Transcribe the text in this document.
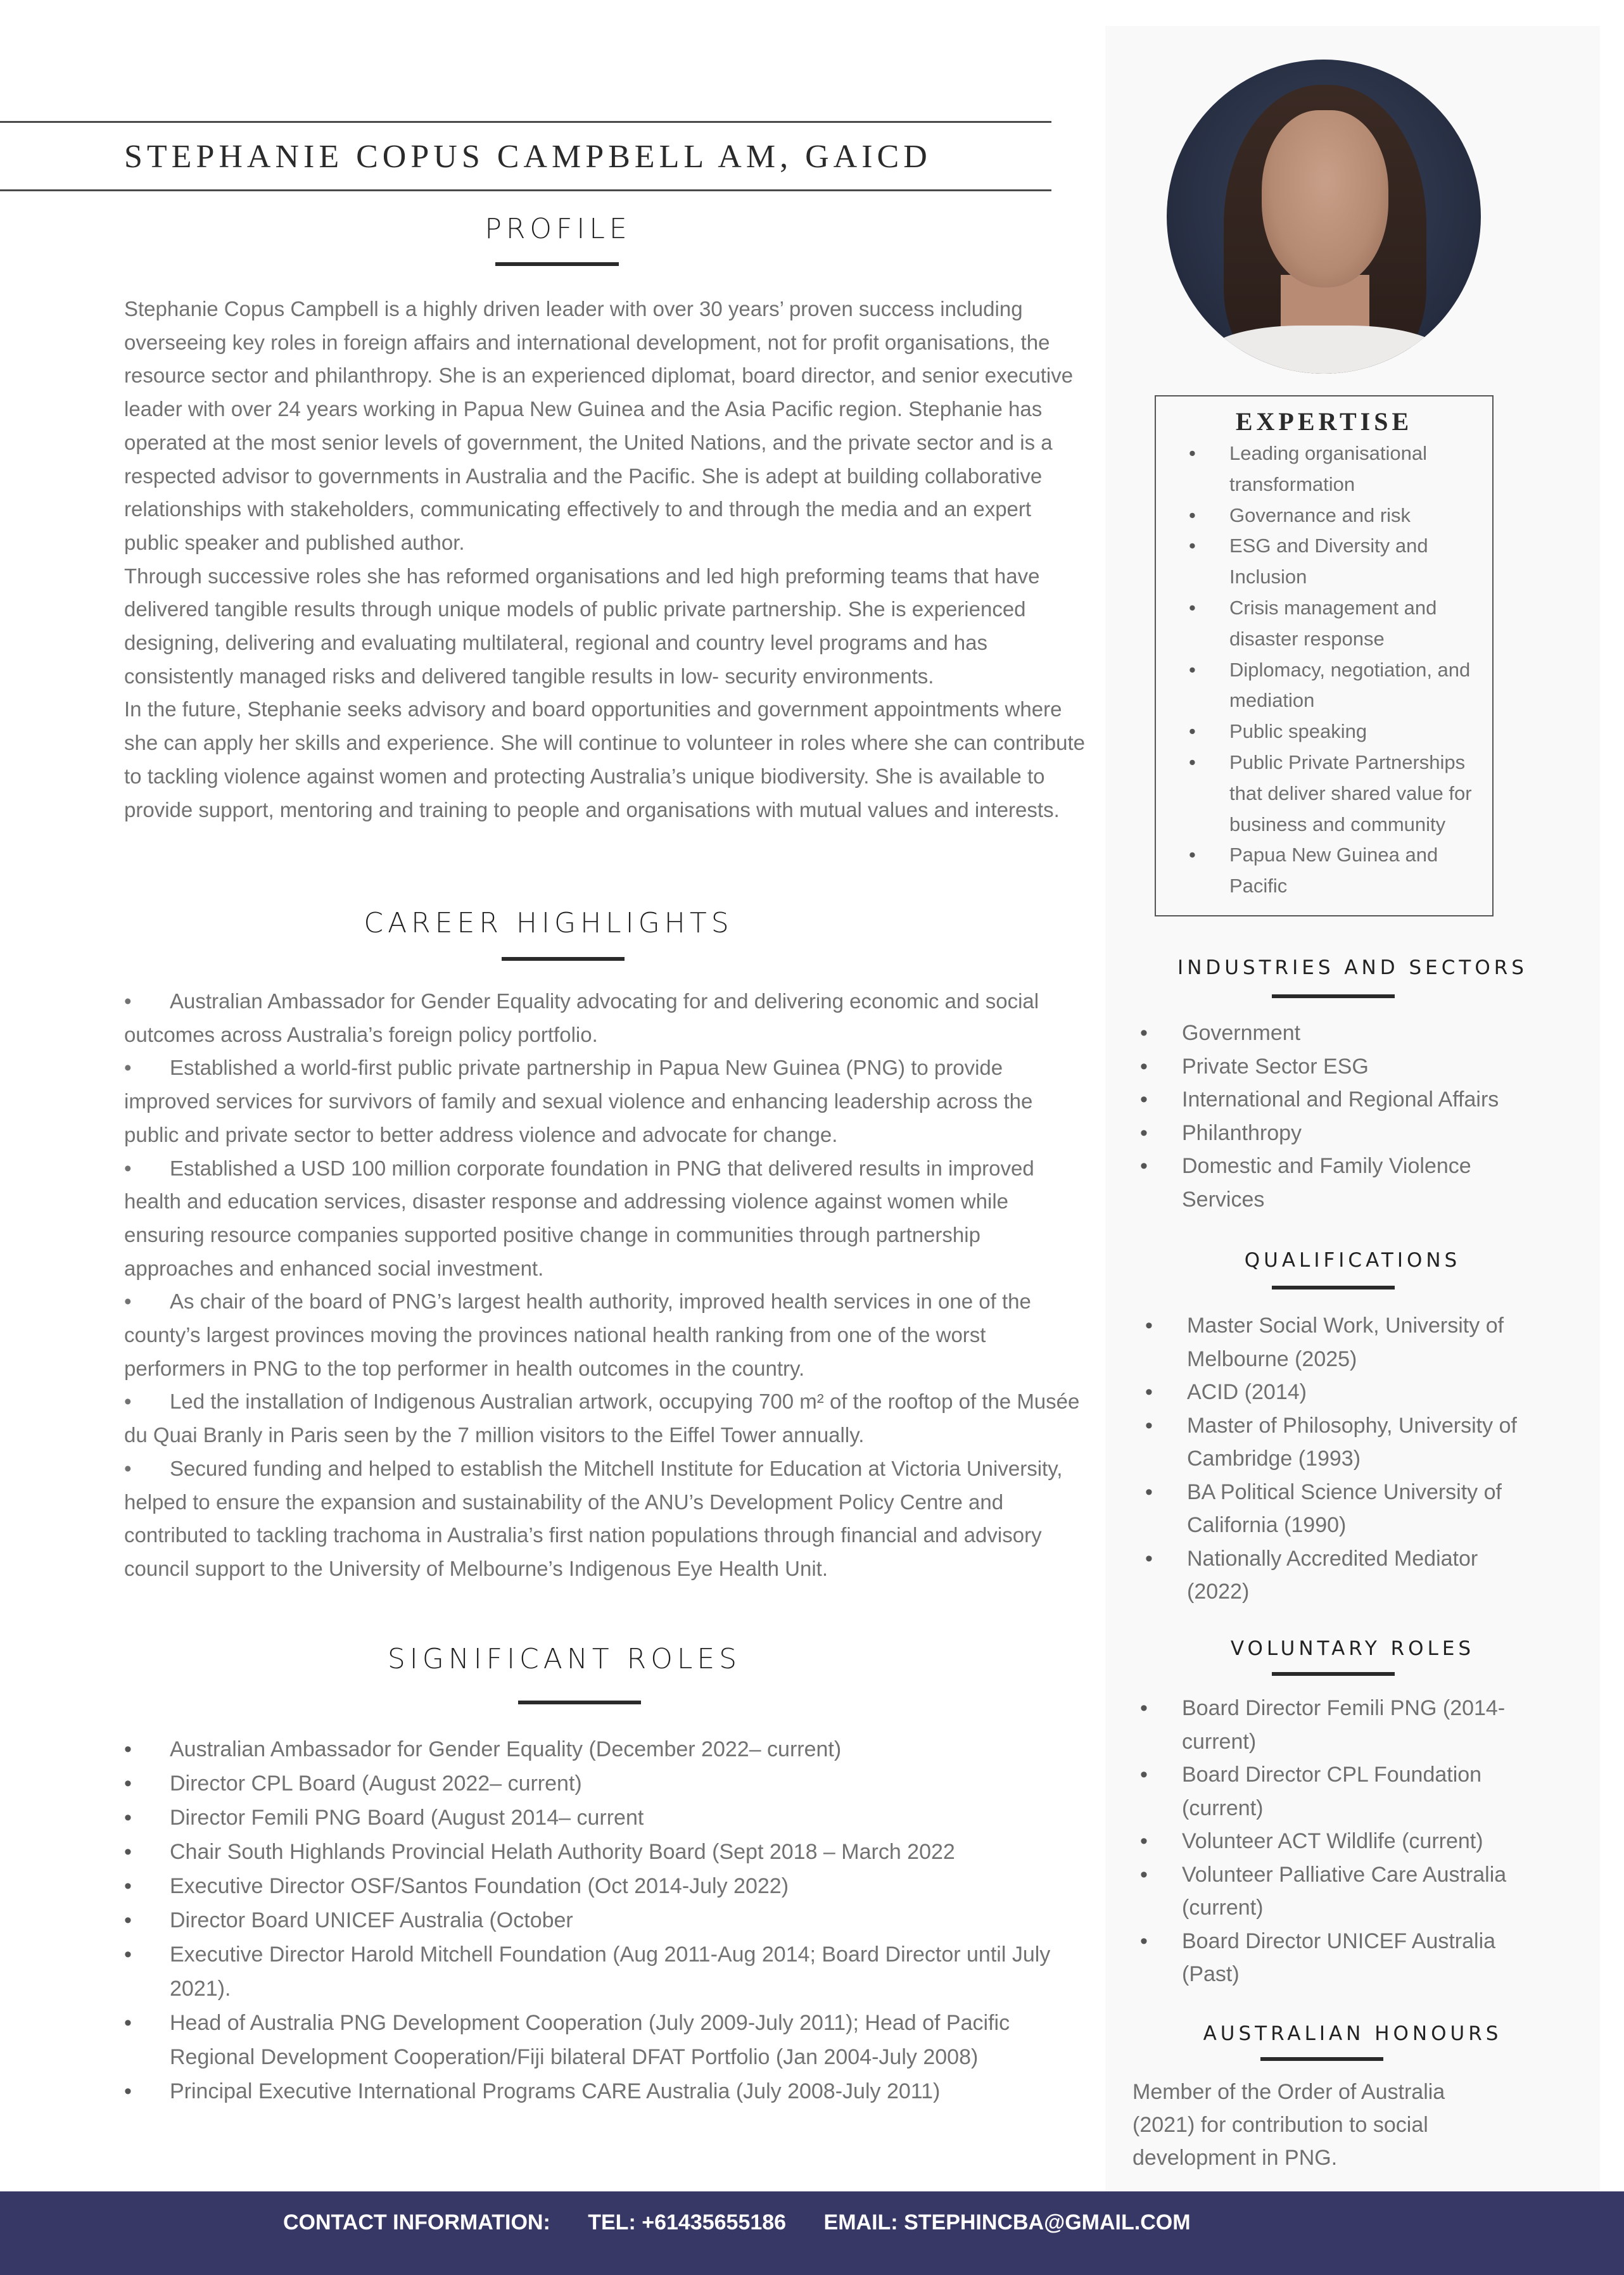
STEPHANIE COPUS CAMPBELL AM, GAICD
PROFILE

Stephanie Copus Campbell is a highly driven leader with over 30 years’ proven success including overseeing key roles in foreign affairs and international development, not for profit organisations, the resource sector and philanthropy. She is an experienced diplomat, board director, and senior executive leader with over 24 years working in Papua New Guinea and the Asia Pacific region. Stephanie has operated at the most senior levels of government, the United Nations, and the private sector and is a respected advisor to governments in Australia and the Pacific. She is adept at building collaborative relationships with stakeholders, communicating effectively to and through the media and an expert public speaker and published author.

Through successive roles she has reformed organisations and led high preforming teams that have delivered tangible results through unique models of public private partnership. She is experienced designing, delivering and evaluating multilateral, regional and country level programs and has consistently managed risks and delivered tangible results in low- security environments.

In the future, Stephanie seeks advisory and board opportunities and government appointments where she can apply her skills and experience. She will continue to volunteer in roles where she can contribute to tackling violence against women and protecting Australia’s unique biodiversity. She is available to provide support, mentoring and training to people and organisations with mutual values and interests.

CAREER HIGHLIGHTS

• Australian Ambassador for Gender Equality advocating for and delivering economic and social outcomes across Australia’s foreign policy portfolio.

• Established a world-first public private partnership in Papua New Guinea (PNG) to provide improved services for survivors of family and sexual violence and enhancing leadership across the public and private sector to better address violence and advocate for change.

• Established a USD 100 million corporate foundation in PNG that delivered results in improved health and education services, disaster response and addressing violence against women while ensuring resource companies supported positive change in communities through partnership approaches and enhanced social investment.

• As chair of the board of PNG’s largest health authority, improved health services in one of the county’s largest provinces moving the provinces national health ranking from one of the worst performers in PNG to the top performer in health outcomes in the country.

• Led the installation of Indigenous Australian artwork, occupying 700 m² of the rooftop of the Musée du Quai Branly in Paris seen by the 7 million visitors to the Eiffel Tower annually.

• Secured funding and helped to establish the Mitchell Institute for Education at Victoria University, helped to ensure the expansion and sustainability of the ANU’s Development Policy Centre and contributed to tackling trachoma in Australia’s first nation populations through financial and advisory council support to the University of Melbourne’s Indigenous Eye Health Unit.

SIGNIFICANT ROLES
• Australian Ambassador for Gender Equality (December 2022– current)
• Director CPL Board (August 2022– current)
• Director Femili PNG Board (August 2014– current
• Chair South Highlands Provincial Helath Authority Board (Sept 2018 – March 2022
• Executive Director OSF/Santos Foundation (Oct 2014-July 2022)
• Director Board UNICEF Australia (October
• Executive Director Harold Mitchell Foundation (Aug 2011-Aug 2014; Board Director until July 2021).
• Head of Australia PNG Development Cooperation (July 2009-July 2011); Head of Pacific Regional Development Cooperation/Fiji bilateral DFAT Portfolio (Jan 2004-July 2008)
• Principal Executive International Programs CARE Australia (July 2008-July 2011)
EXPERTISE
• Leading organisational transformation
• Governance and risk
• ESG and Diversity and Inclusion
• Crisis management and disaster response
• Diplomacy, negotiation, and mediation
• Public speaking
• Public Private Partnerships that deliver shared value for business and community
• Papua New Guinea and Pacific
INDUSTRIES AND SECTORS
• Government
• Private Sector ESG
• International and Regional Affairs
• Philanthropy
• Domestic and Family Violence Services
QUALIFICATIONS
• Master Social Work, University of Melbourne (2025)
• ACID (2014)
• Master of Philosophy, University of Cambridge (1993)
• BA Political Science University of California (1990)
• Nationally Accredited Mediator (2022)
VOLUNTARY ROLES
• Board Director Femili PNG (2014-current)
• Board Director CPL Foundation (current)
• Volunteer ACT Wildlife (current)
• Volunteer Palliative Care Australia (current)
• Board Director UNICEF Australia (Past)
AUSTRALIAN HONOURS
Member of the Order of Australia (2021) for contribution to social development in PNG.
CONTACT INFORMATION: TEL: +61435655186 EMAIL: STEPHINCBA@GMAIL.COM
